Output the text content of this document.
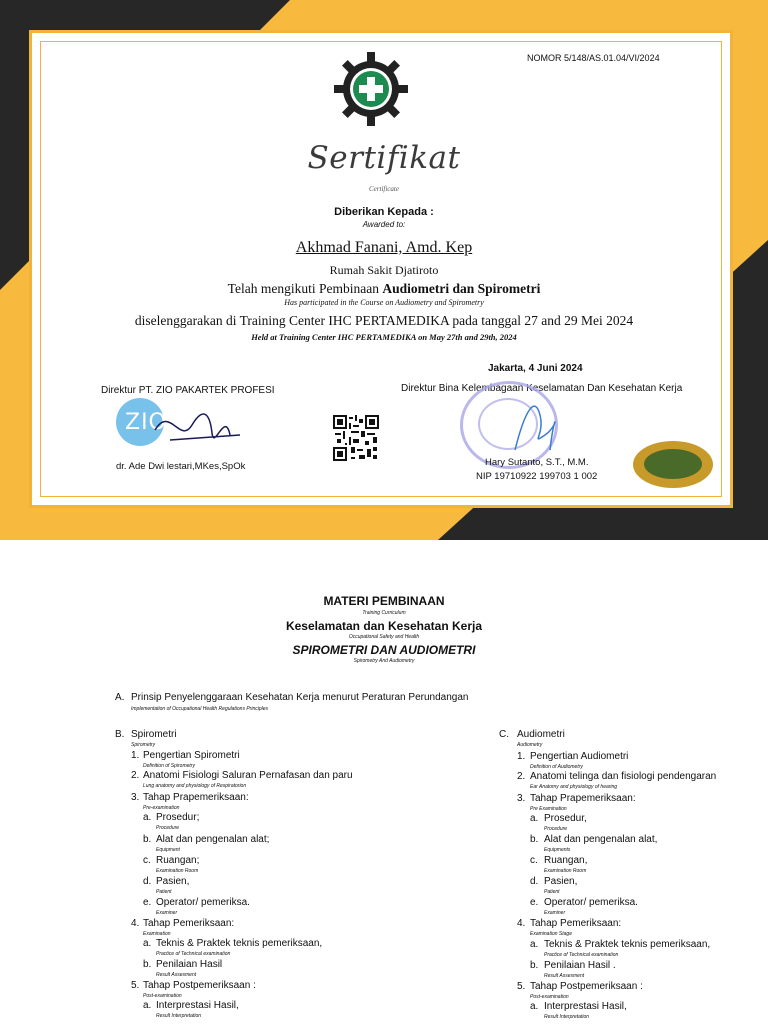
NOMOR 5/148/AS.01.04/VI/2024
Sertifikat
Certificate
Diberikan Kepada :
Awarded to:
Akhmad Fanani, Amd. Kep
Rumah Sakit Djatiroto
Telah mengikuti Pembinaan Audiometri dan Spirometri
Has participated in the Course on Audiometry and Spirometry
diselenggarakan di Training Center IHC PERTAMEDIKA pada tanggal 27 and 29 Mei 2024
Held at Training Center IHC PERTAMEDIKA on May 27th and 29th, 2024
Jakarta, 4 Juni 2024
Direktur PT. ZIO PAKARTEK PROFESI	Direktur Bina Kelembagaan Keselamatan Dan Kesehatan Kerja
ZIO
dr. Ade Dwi lestari,MKes,SpOk	Hary Sutanto, S.T., M.M.
NIP 19710922 199703 1 002
MATERI PEMBINAAN
Training Curriculum
Keselamatan dan Kesehatan Kerja
Occupational Safety and Health
SPIROMETRI DAN AUDIOMETRI
Spirometry And Audiometry
A. Prinsip Penyelenggaraan Kesehatan Kerja menurut Peraturan Perundangan
Implementation of Occupational Health Regulations Principles
B. Spirometri
Spirometry
1. Pengertian Spirometri
Definition of Spirometry
2. Anatomi Fisiologi Saluran Pernafasan dan paru
Lung anatomy and physiology of Respiratorion
3. Tahap Prapemeriksaan:
Pre-examination
a. Prosedur;
Procedure
b. Alat dan pengenalan alat;
Equipment
c. Ruangan;
Examination Room
d. Pasien,
Patient
e. Operator/ pemeriksa.
Examiner
4. Tahap Pemeriksaan:
Examination
a. Teknis & Praktek teknis pemeriksaan,
Practice of Technical examination
b. Penilaian Hasil
Result Assesment
5. Tahap Postpemeriksaan :
Post-examination
a. Interprestasi Hasil,
Result Interpretation
C. Audiometri
Audiometry
1. Pengertian Audiometri
Definition of Audiometry
2. Anatomi telinga dan fisiologi pendengaran
Ear Anatomy and physiology of hearing
3. Tahap Prapemeriksaan:
Pre Examination
a. Prosedur,
Procedure
b. Alat dan pengenalan alat,
Equipments
c. Ruangan,
Examination Room
d. Pasien,
Patient
e. Operator/ pemeriksa.
Examiner
4. Tahap Pemeriksaan:
Examination Stage
a. Teknis & Praktek teknis pemeriksaan,
Practice of Technical examination
b. Penilaian Hasil .
Result Assesment
5. Tahap Postpemeriksaan :
Post-examination
a. Interprestasi Hasil,
Result Interpretation
